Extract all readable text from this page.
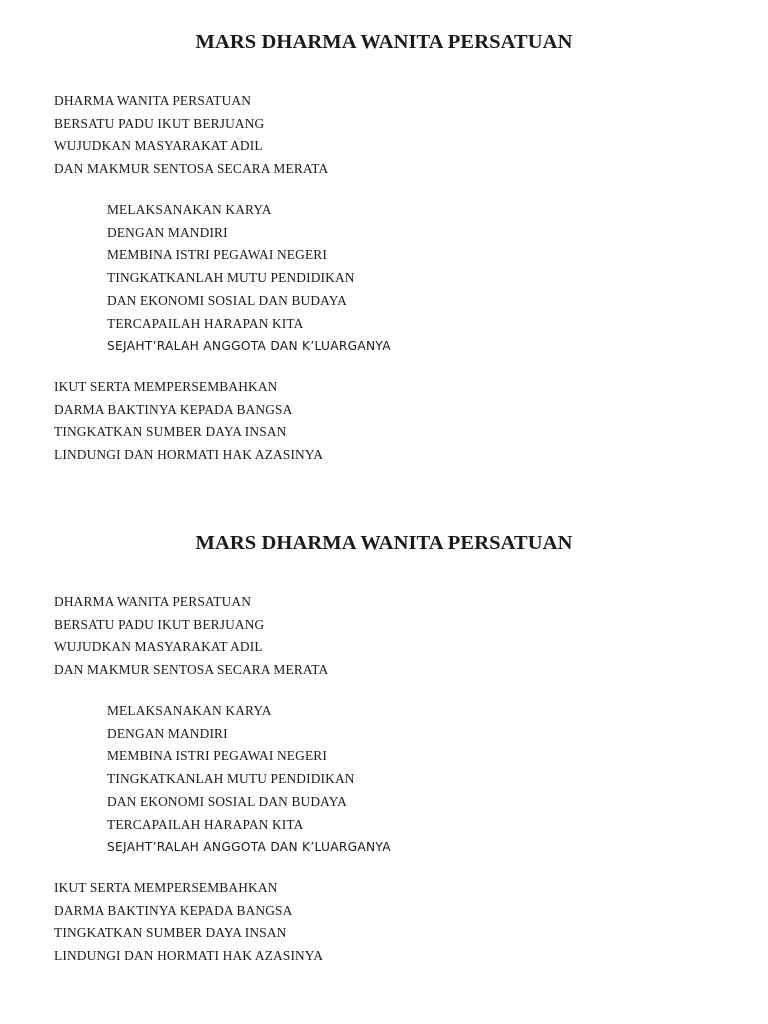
MARS DHARMA WANITA PERSATUAN
DHARMA WANITA PERSATUAN
BERSATU PADU IKUT BERJUANG
WUJUDKAN MASYARAKAT ADIL
DAN MAKMUR SENTOSA SECARA MERATA
MELAKSANAKAN KARYA
DENGAN MANDIRI
MEMBINA ISTRI PEGAWAI NEGERI
TINGKATKANLAH MUTU PENDIDIKAN
DAN EKONOMI SOSIAL DAN BUDAYA
TERCAPAILAH HARAPAN KITA
SEJAHT’RALAH ANGGOTA DAN K’LUARGANYA
IKUT SERTA MEMPERSEMBAHKAN
DARMA BAKTINYA KEPADA BANGSA
TINGKATKAN SUMBER DAYA INSAN
LINDUNGI DAN HORMATI HAK AZASINYA
MARS DHARMA WANITA PERSATUAN
DHARMA WANITA PERSATUAN
BERSATU PADU IKUT BERJUANG
WUJUDKAN MASYARAKAT ADIL
DAN MAKMUR SENTOSA SECARA MERATA
MELAKSANAKAN KARYA
DENGAN MANDIRI
MEMBINA ISTRI PEGAWAI NEGERI
TINGKATKANLAH MUTU PENDIDIKAN
DAN EKONOMI SOSIAL DAN BUDAYA
TERCAPAILAH HARAPAN KITA
SEJAHT’RALAH ANGGOTA DAN K’LUARGANYA
IKUT SERTA MEMPERSEMBAHKAN
DARMA BAKTINYA KEPADA BANGSA
TINGKATKAN SUMBER DAYA INSAN
LINDUNGI DAN HORMATI HAK AZASINYA
